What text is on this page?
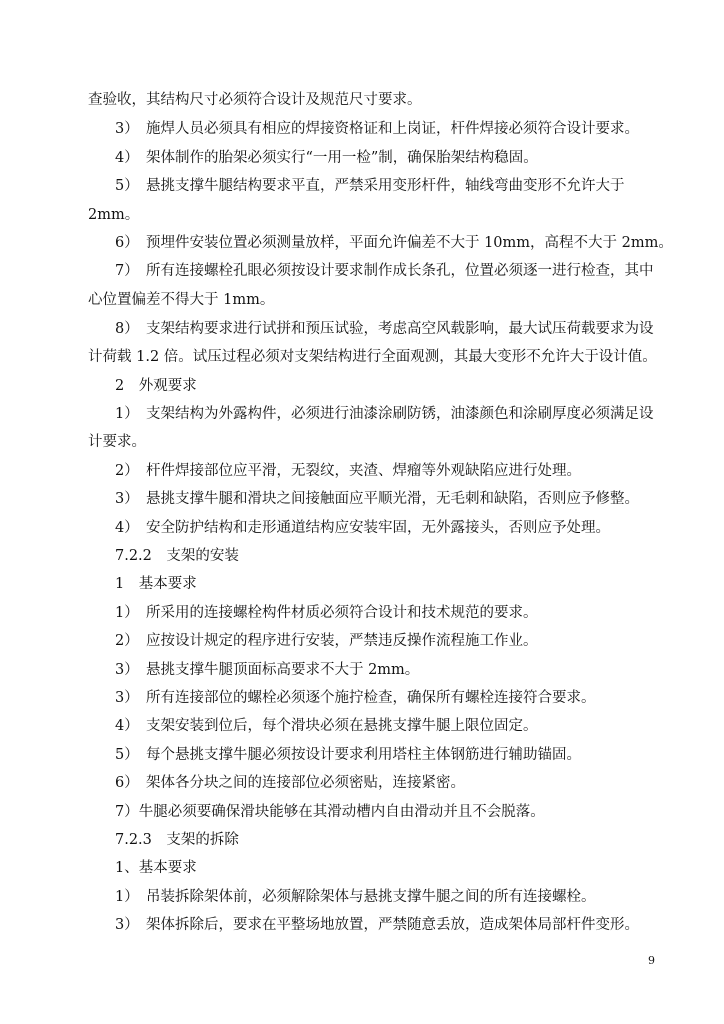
查验收，其结构尺寸必须符合设计及规范尺寸要求。
3）　施焊人员必须具有相应的焊接资格证和上岗证，杆件焊接必须符合设计要求。
4）　架体制作的胎架必须实行“一用一检”制，确保胎架结构稳固。
5）　悬挑支撑牛腿结构要求平直，严禁采用变形杆件，轴线弯曲变形不允许大于
2mm。
6）　预埋件安装位置必须测量放样，平面允许偏差不大于 10mm，高程不大于 2mm。
7）　所有连接螺栓孔眼必须按设计要求制作成长条孔，位置必须逐一进行检查，其中
心位置偏差不得大于 1mm。
8）　支架结构要求进行试拼和预压试验，考虑高空风载影响，最大试压荷载要求为设
计荷载 1.2 倍。试压过程必须对支架结构进行全面观测，其最大变形不允许大于设计值。
2　外观要求
1）　支架结构为外露构件，必须进行油漆涂刷防锈，油漆颜色和涂刷厚度必须满足设
计要求。
2）　杆件焊接部位应平滑，无裂纹，夹渣、焊瘤等外观缺陷应进行处理。
3）　悬挑支撑牛腿和滑块之间接触面应平顺光滑，无毛刺和缺陷，否则应予修整。
4）　安全防护结构和走形通道结构应安装牢固，无外露接头，否则应予处理。
7.2.2　支架的安装
1　基本要求
1）　所采用的连接螺栓构件材质必须符合设计和技术规范的要求。
2）　应按设计规定的程序进行安装，严禁违反操作流程施工作业。
3）　悬挑支撑牛腿顶面标高要求不大于 2mm。
3）　所有连接部位的螺栓必须逐个施拧检查，确保所有螺栓连接符合要求。
4）　支架安装到位后，每个滑块必须在悬挑支撑牛腿上限位固定。
5）　每个悬挑支撑牛腿必须按设计要求利用塔柱主体钢筋进行辅助锚固。
6）　架体各分块之间的连接部位必须密贴，连接紧密。
7）牛腿必须要确保滑块能够在其滑动槽内自由滑动并且不会脱落。
7.2.3　支架的拆除
1、基本要求
1）　吊装拆除架体前，必须解除架体与悬挑支撑牛腿之间的所有连接螺栓。
3）　架体拆除后，要求在平整场地放置，严禁随意丢放，造成架体局部杆件变形。
9
